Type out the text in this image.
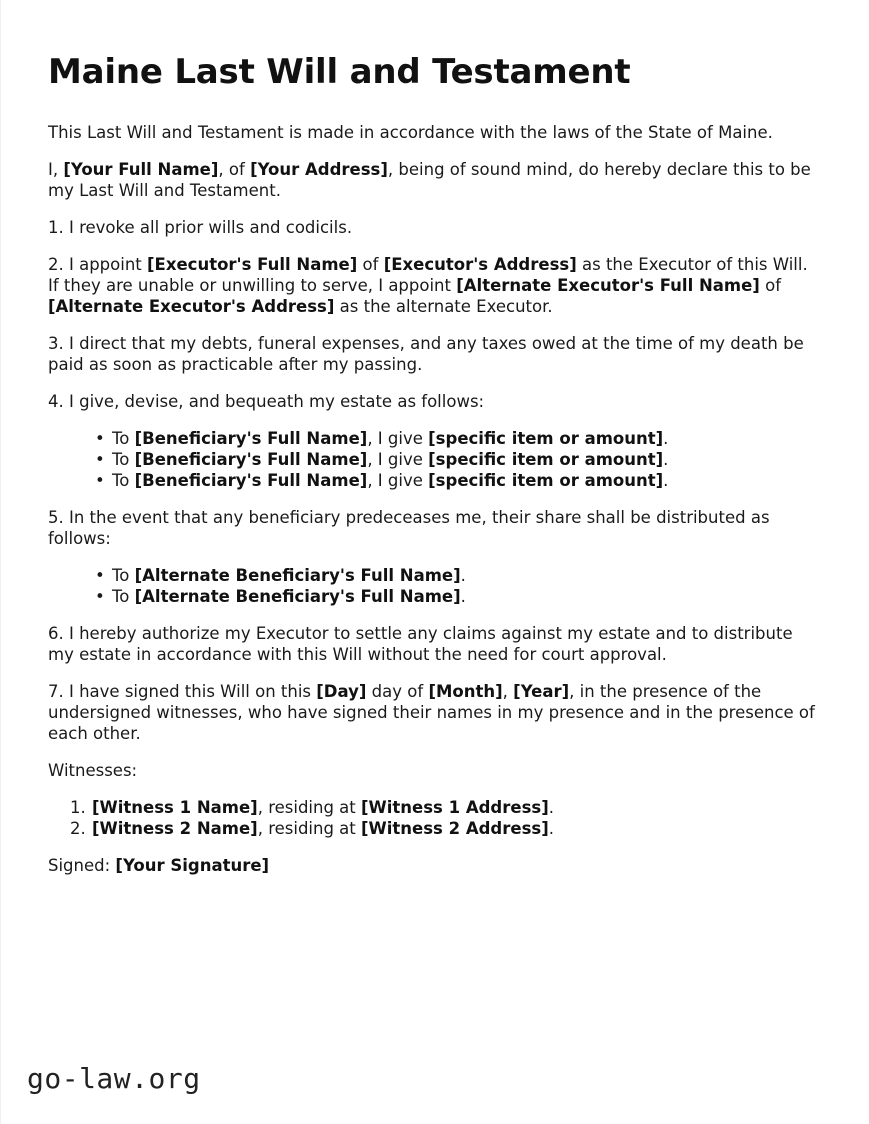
Maine Last Will and Testament

This Last Will and Testament is made in accordance with the laws of the State of Maine.

I, [Your Full Name], of [Your Address], being of sound mind, do hereby declare this to be my Last Will and Testament.

1. I revoke all prior wills and codicils.

2. I appoint [Executor's Full Name] of [Executor's Address] as the Executor of this Will. If they are unable or unwilling to serve, I appoint [Alternate Executor's Full Name] of [Alternate Executor's Address] as the alternate Executor.

3. I direct that my debts, funeral expenses, and any taxes owed at the time of my death be paid as soon as practicable after my passing.

4. I give, devise, and bequeath my estate as follows:

• To [Beneficiary's Full Name], I give [specific item or amount].
• To [Beneficiary's Full Name], I give [specific item or amount].
• To [Beneficiary's Full Name], I give [specific item or amount].

5. In the event that any beneficiary predeceases me, their share shall be distributed as follows:

• To [Alternate Beneficiary's Full Name].
• To [Alternate Beneficiary's Full Name].

6. I hereby authorize my Executor to settle any claims against my estate and to distribute my estate in accordance with this Will without the need for court approval.

7. I have signed this Will on this [Day] day of [Month], [Year], in the presence of the undersigned witnesses, who have signed their names in my presence and in the presence of each other.

Witnesses:

[Witness 1 Name], residing at [Witness 1 Address].
[Witness 2 Name], residing at [Witness 2 Address].

Signed: [Your Signature]

go-law.org
